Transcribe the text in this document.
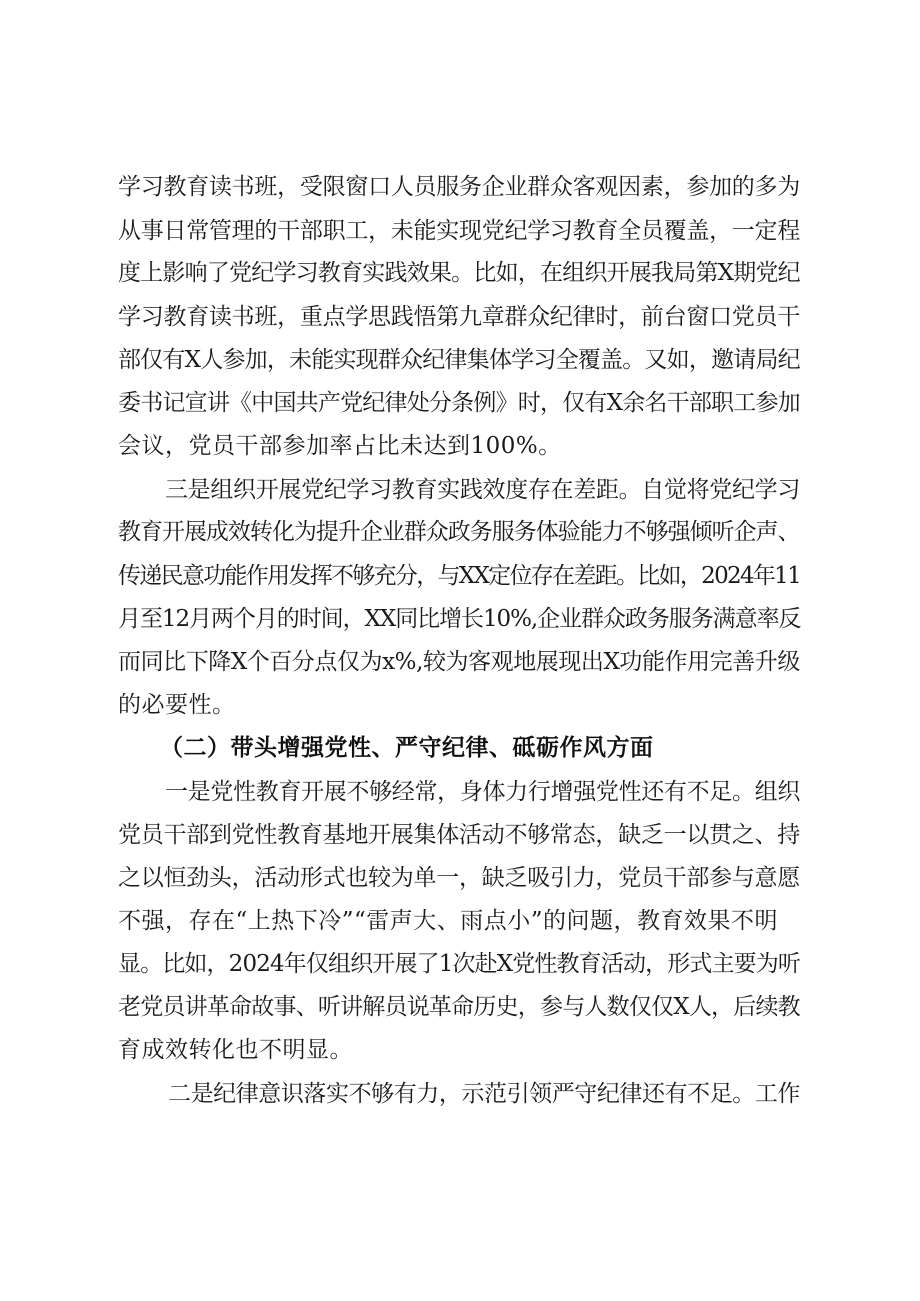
学习教育读书班，受限窗口人员服务企业群众客观因素，参加的多为
从事日常管理的干部职工，未能实现党纪学习教育全员覆盖，一定程
度上影响了党纪学习教育实践效果。比如，在组织开展我局第X期党纪
学习教育读书班，重点学思践悟第九章群众纪律时，前台窗口党员干
部仅有X人参加，未能实现群众纪律集体学习全覆盖。又如，邀请局纪
委书记宣讲《中国共产党纪律处分条例》时，仅有X余名干部职工参加
会议，党员干部参加率占比未达到100%。
三是组织开展党纪学习教育实践效度存在差距。自觉将党纪学习
教育开展成效转化为提升企业群众政务服务体验能力不够强倾听企声、
传递民意功能作用发挥不够充分，与XX定位存在差距。比如，2024年11
月至12月两个月的时间，XX同比增长10%,企业群众政务服务满意率反
而同比下降X个百分点仅为x%,较为客观地展现出X功能作用完善升级
的必要性。
（二）带头增强党性、严守纪律、砥砺作风方面
一是党性教育开展不够经常，身体力行增强党性还有不足。组织
党员干部到党性教育基地开展集体活动不够常态，缺乏一以贯之、持
之以恒劲头，活动形式也较为单一，缺乏吸引力，党员干部参与意愿
不强，存在“上热下冷”“雷声大、雨点小”的问题，教育效果不明
显。比如，2024年仅组织开展了1次赴X党性教育活动，形式主要为听
老党员讲革命故事、听讲解员说革命历史，参与人数仅仅X人，后续教
育成效转化也不明显。
二是纪律意识落实不够有力，示范引领严守纪律还有不足。工作
